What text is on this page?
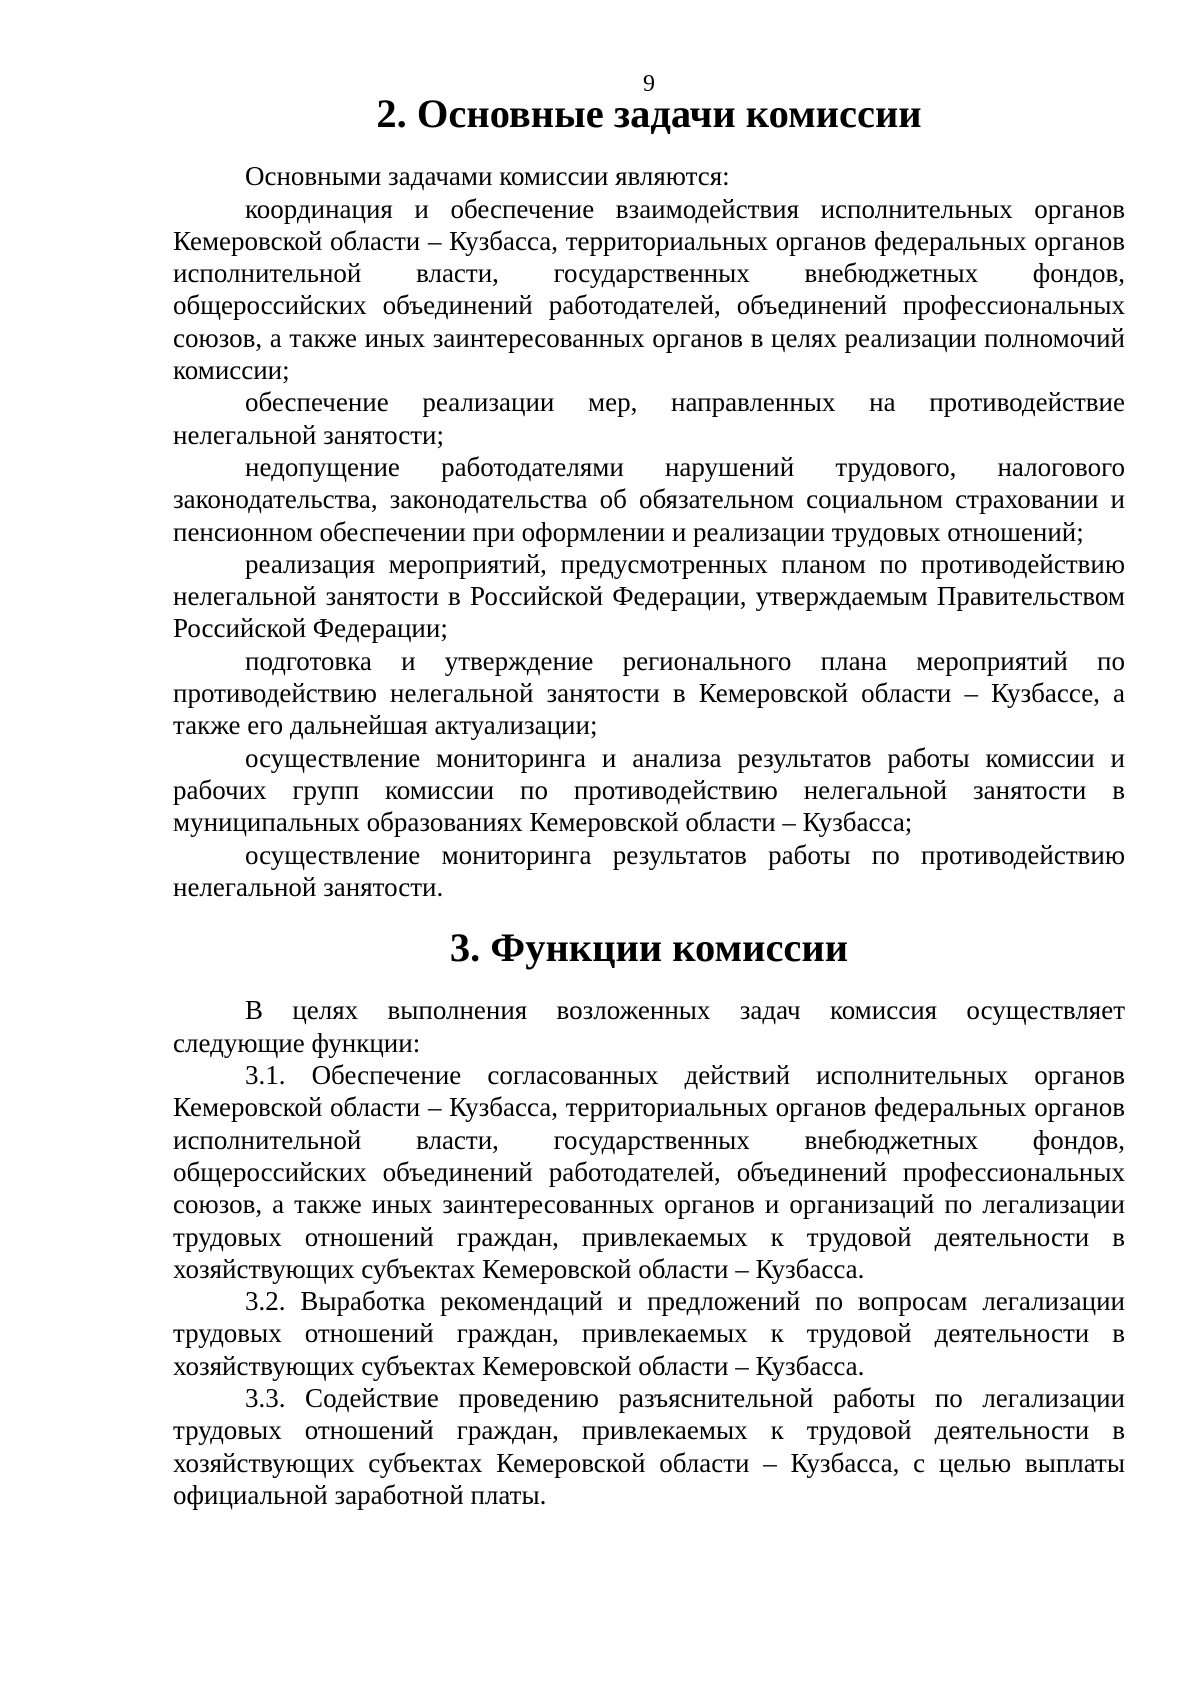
9
2. Основные задачи комиссии

Основными задачами комиссии являются:

координация и обеспечение взаимодействия исполнительных органов Кемеровской области – Кузбасса, территориальных органов федеральных органов исполнительной власти, государственных внебюджетных фондов, общероссийских объединений работодателей, объединений профессиональных союзов, а также иных заинтересованных органов в целях реализации полномочий комиссии;

обеспечение реализации мер, направленных на противодействие нелегальной занятости;

недопущение работодателями нарушений трудового, налогового законодательства, законодательства об обязательном социальном страховании и пенсионном обеспечении при оформлении и реализации трудовых отношений;

реализация мероприятий, предусмотренных планом по противодействию нелегальной занятости в Российской Федерации, утверждаемым Правительством Российской Федерации;

подготовка и утверждение регионального плана мероприятий по противодействию нелегальной занятости в Кемеровской области – Кузбассе, а также его дальнейшая актуализации;

осуществление мониторинга и анализа результатов работы комиссии и рабочих групп комиссии по противодействию нелегальной занятости в муниципальных образованиях Кемеровской области – Кузбасса;

осуществление мониторинга результатов работы по противодействию нелегальной занятости.

3. Функции комиссии

В целях выполнения возложенных задач комиссия осуществляет следующие функции:

3.1. Обеспечение согласованных действий исполнительных органов Кемеровской области – Кузбасса, территориальных органов федеральных органов исполнительной власти, государственных внебюджетных фондов, общероссийских объединений работодателей, объединений профессиональных союзов, а также иных заинтересованных органов и организаций по легализации трудовых отношений граждан, привлекаемых к трудовой деятельности в хозяйствующих субъектах Кемеровской области – Кузбасса.

3.2. Выработка рекомендаций и предложений по вопросам легализации трудовых отношений граждан, привлекаемых к трудовой деятельности в хозяйствующих субъектах Кемеровской области – Кузбасса.

3.3. Содействие проведению разъяснительной работы по легализации трудовых отношений граждан, привлекаемых к трудовой деятельности в хозяйствующих субъектах Кемеровской области – Кузбасса, с целью выплаты официальной заработной платы.
